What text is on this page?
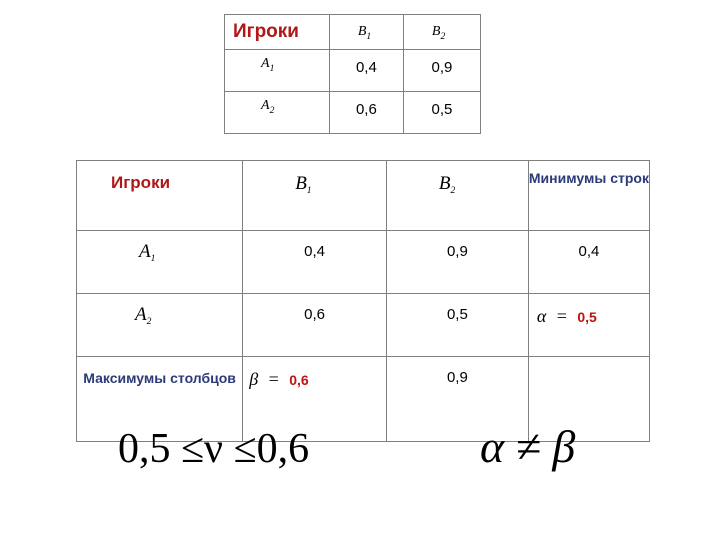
Игроки	$B_1$	$B_2$
$A_1$	0,4	0,9
$A_2$	0,6	0,5
Игроки	$B_1$	$B_2$	Минимумы строк
$A_1$	0,4	0,9	0,4
$A_2$	0,6	0,5	α = 0,5
Максимумы столбцов	β = 0,6	0,9	
0,5 ≤ν ≤0,6	α ≠ β
